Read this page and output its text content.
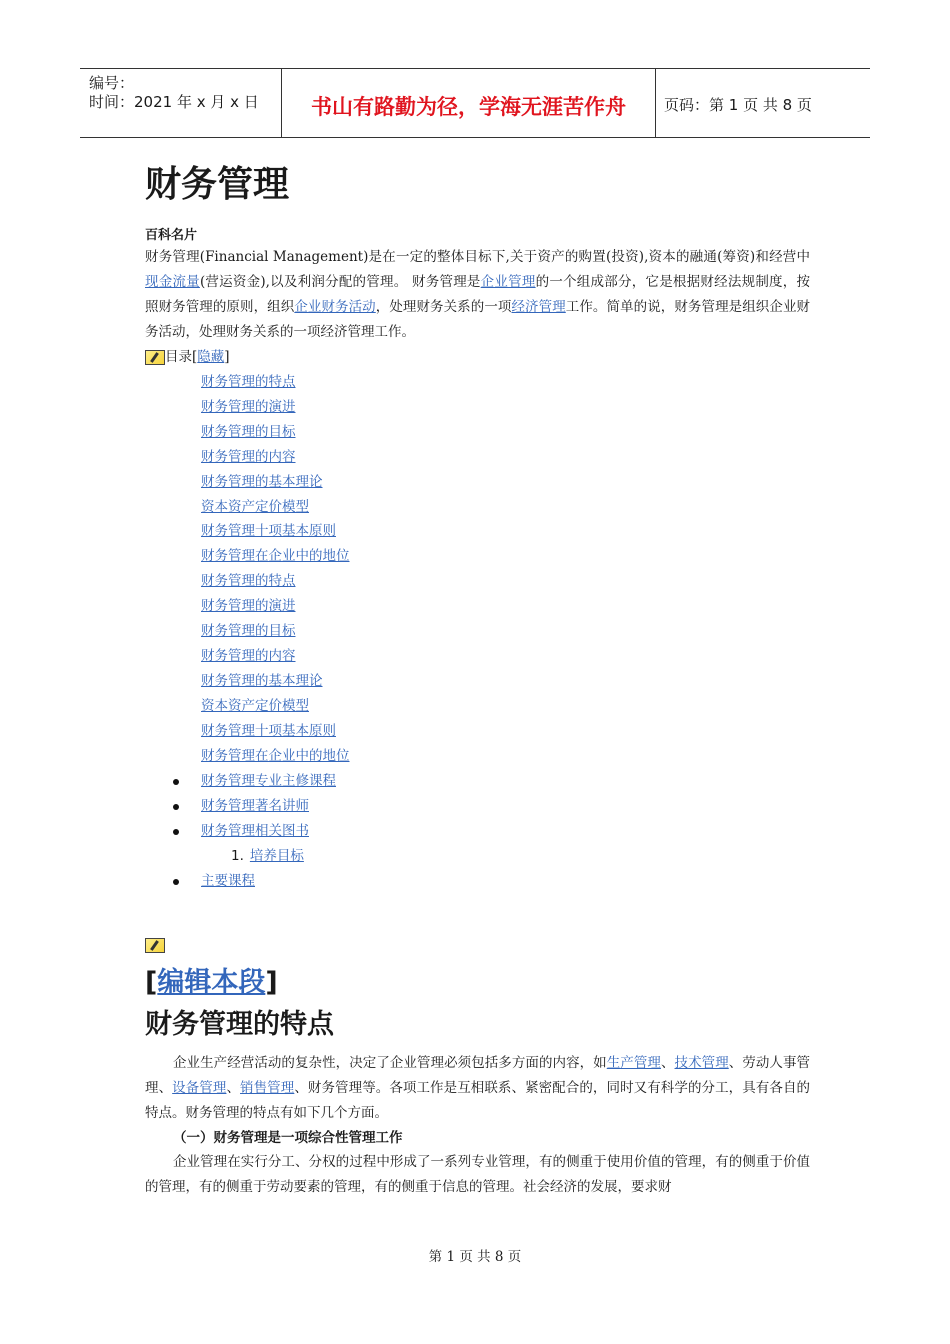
编号：
时间：2021 年 x 月 x 日	书山有路勤为径，学海无涯苦作舟	页码：第 1 页 共 8 页
财务管理
百科名片

财务管理(Financial Management)是在一定的整体目标下,关于资产的购置(投资),资本的融通(筹资)和经营中现金流量(营运资金),以及利润分配的管理。 财务管理是企业管理的一个组成部分，它是根据财经法规制度，按照财务管理的原则，组织企业财务活动，处理财务关系的一项经济管理工作。简单的说，财务管理是组织企业财务活动，处理财务关系的一项经济管理工作。

目录[ 隐藏 ]
财务管理的特点
财务管理的演进
财务管理的目标
财务管理的内容
财务管理的基本理论
资本资产定价模型
财务管理十项基本原则
财务管理在企业中的地位
财务管理的特点
财务管理的演进
财务管理的目标
财务管理的内容
财务管理的基本理论
资本资产定价模型
财务管理十项基本原则
财务管理在企业中的地位
财务管理专业主修课程
财务管理著名讲师
财务管理相关图书
1. 培养目标
主要课程
[编辑本段]
财务管理的特点

企业生产经营活动的复杂性，决定了企业管理必须包括多方面的内容，如生产管理、技术管理、劳动人事管理、设备管理、销售管理、财务管理等。各项工作是互相联系、紧密配合的，同时又有科学的分工，具有各自的特点。财务管理的特点有如下几个方面。

（一）财务管理是一项综合性管理工作

企业管理在实行分工、分权的过程中形成了一系列专业管理，有的侧重于使用价值的管理，有的侧重于价值的管理，有的侧重于劳动要素的管理，有的侧重于信息的管理。社会经济的发展，要求财

第 1 页 共 8 页
